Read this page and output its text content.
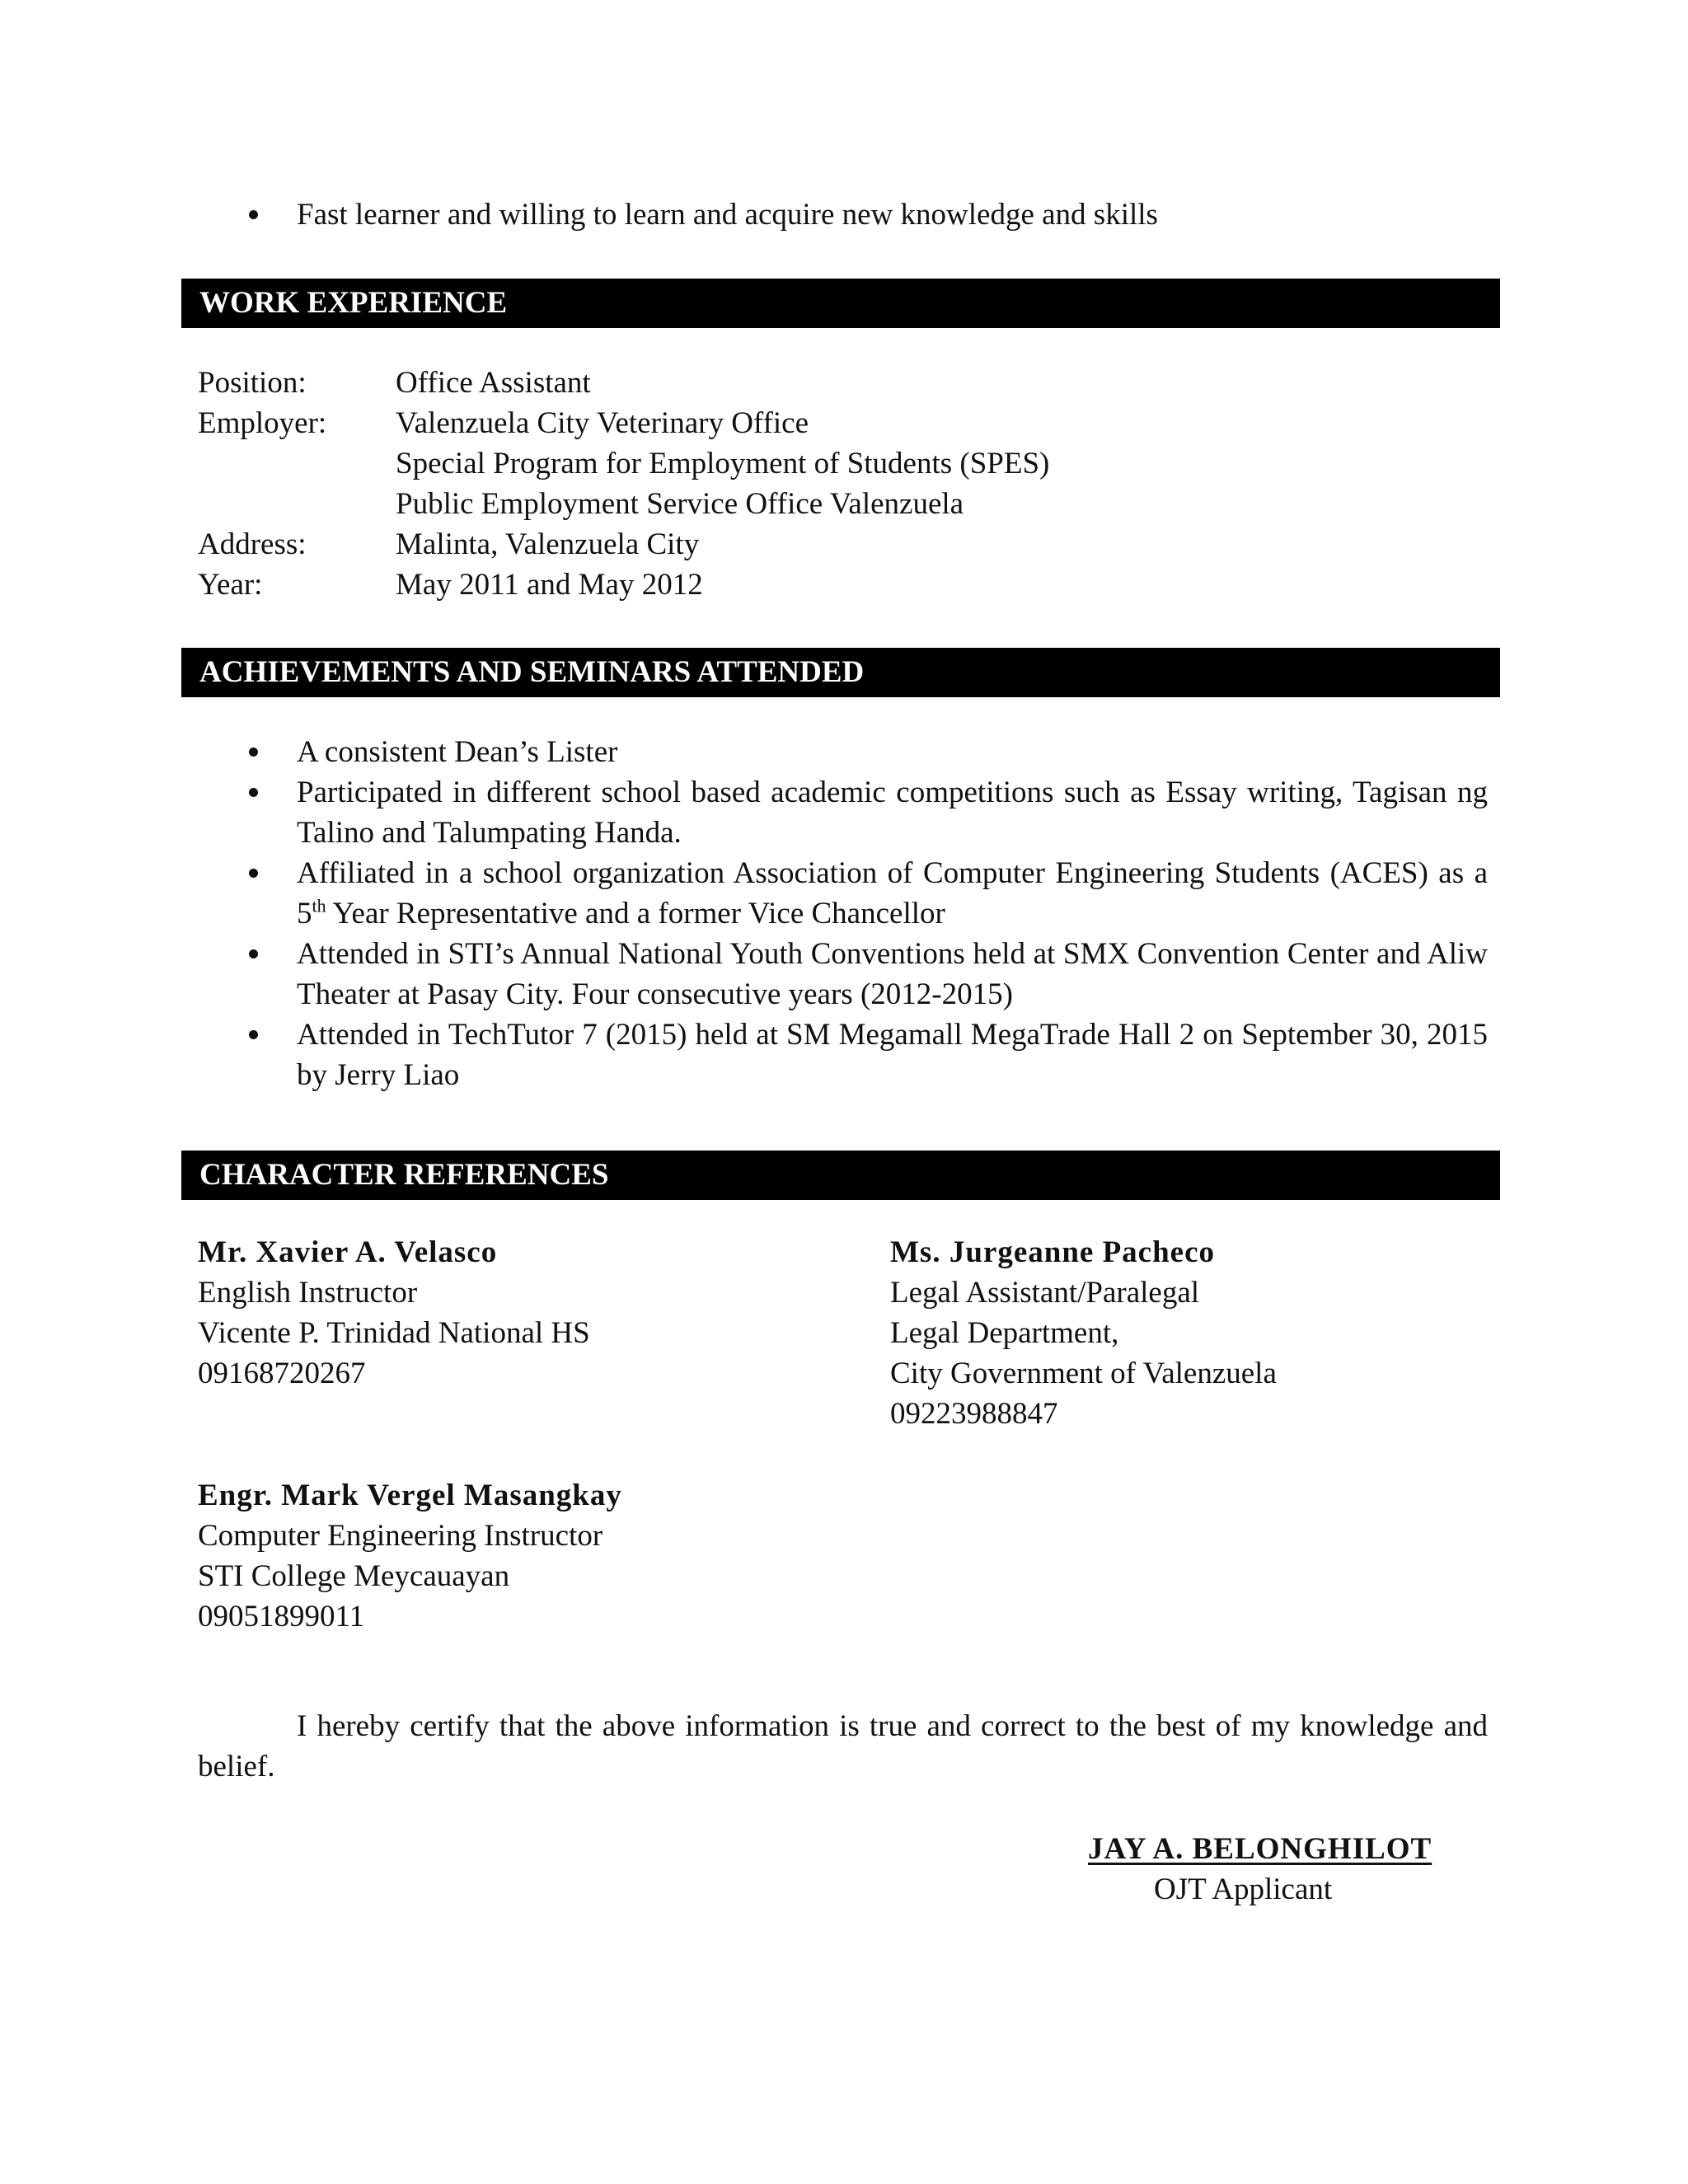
Fast learner and willing to learn and acquire new knowledge and skills
WORK EXPERIENCE
Position:	Office Assistant
Employer:	Valenzuela City Veterinary Office
Special Program for Employment of Students (SPES)
Public Employment Service Office Valenzuela
Address:	Malinta, Valenzuela City
Year:	May 2011 and May 2012
ACHIEVEMENTS AND SEMINARS ATTENDED
A consistent Dean’s Lister
Participated in different school based academic competitions such as Essay writing, Tagisan ng Talino and Talumpating Handa.
Affiliated in a school organization Association of Computer Engineering Students (ACES) as a 5th Year Representative and a former Vice Chancellor
Attended in STI’s Annual National Youth Conventions held at SMX Convention Center and Aliw Theater at Pasay City. Four consecutive years (2012-2015)
Attended in TechTutor 7 (2015) held at SM Megamall MegaTrade Hall 2 on September 30, 2015 by Jerry Liao
CHARACTER REFERENCES
Mr. Xavier A. Velasco
English Instructor
Vicente P. Trinidad National HS
09168720267
Ms. Jurgeanne Pacheco
Legal Assistant/Paralegal
Legal Department,
City Government of Valenzuela
09223988847
Engr. Mark Vergel Masangkay
Computer Engineering Instructor
STI College Meycauayan
09051899011
I hereby certify that the above information is true and correct to the best of my knowledge and belief.
JAY A. BELONGHILOT
OJT Applicant
